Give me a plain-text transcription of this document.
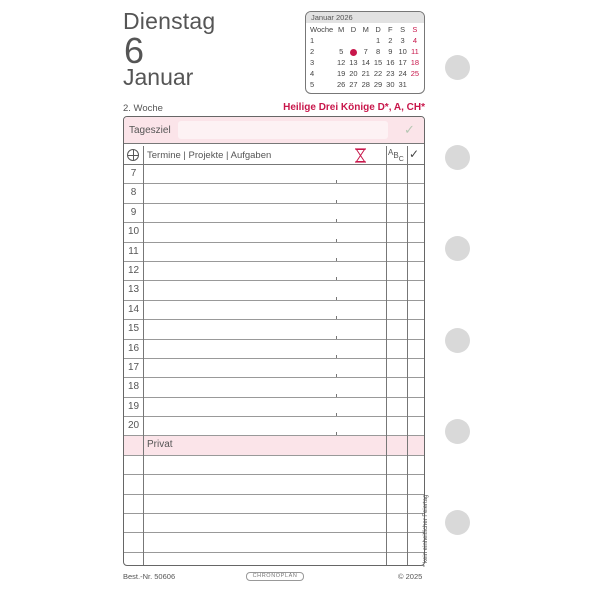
Dienstag
6
Januar
2. Woche	Heilige Drei Könige D*, A, CH*
Januar 2026
Woche	M	D	M	D	F	S	S
1				1	2	3	4
2	5		7	8	9	10	11
3	12	13	14	15	16	17	18
4	19	20	21	22	23	24	25
5	26	27	28	29	30	31	
Tagesziel	✓
Termine | Projekte | Aufgaben	ABC ✓
7
8
9
10
11
12
13
14
15
16
17
18
19
20
Privat
* kein einheitlicher Feiertag
Best.-Nr. 50606	CHRONOPLAN	© 2025
